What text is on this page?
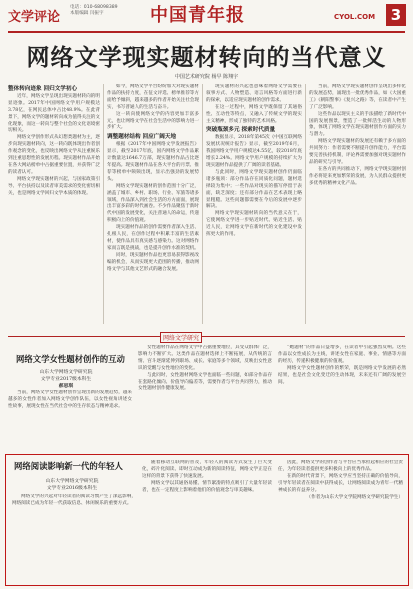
文学评论
电话：010-68098389
本版编辑 闫振宇	中国青年报	CYOL.COM	3
网络文学现实题材转向的当代意义
中国艺术研究院 杨早 陈翔宇

整体转向迹象 回归文学初心

近年，网络文学呈现出现实题材转向的明显迹象。2017年中国网络文学用户规模达3.78亿，在网民总体中占比48.9%。在此背景下，网络文学的题材转向成为值得关注的文化现象，而这一转向与整个社会的文化语境密切相关。

网络文学创作形式从幻想类题材为主，逐步向现实题材转向，这一转向既体现出作者创作观念的变化，也反映出网络文学从注重娱乐到注重思想性的发展历程。现实题材作品开始在各大网站榜单中占据重要位置，并获得广泛的读者认可。

网络文学现实题材的兴起，与国家政策引导、平台扶持以及读者审美需求的变化密切相关，也是网络文学回归文学本质的体现。

如今，网络文学平台纷纷加大对现实题材作品的扶持力度，在征文评选、榜单推荐等方面给予倾斜，越来越多的作者开始关注社会现实，书写普通人的生活与奋斗。

这一转向使网络文学的内容更加丰富多元，也让网络文学在社会生活中的影响力进一步扩大。

调整题材结构 回应广阔天地

根据《2017年中国网络文学发展报告》显示，截至2017年底，国内网络文学作品累计数量达1646.7万部，现实题材作品占比逐年提高。现实题材作品在各大平台的月票、推荐等榜单中频频出现，显示出强劲的发展势头。

网络文学现实题材的创作范围十分广泛，涵盖了城市、乡村、职场、行业、军旅等诸多领域，作品深入到社会生活的方方面面，展现出丰富多彩的时代画卷。不少作品聚焦于新时代中国的发展变化，关注普通人的命运，传递积极向上的价值观。

现实题材作品的创作需要作者深入生活、扎根人民，在创作过程中积累丰富的生活素材，使作品具有真实感与感染力。这对网络作家而言既是挑战，也是提升创作水准的契机。

同时，现实题材作品也更容易获得影视改编的机会，从而实现更大范围的传播，推动网络文学与其他文艺形式的融合发展。

现实题材的兴起也意味着网络文学需要在叙事方式、人物塑造、语言风格等方面进行新的探索，以适应现实题材的创作需求。

在这一过程中，网络文学既保留了其通俗性、互动性等特点，又融入了传统文学的现实主义精神，形成了独特的艺术风格。

突破瓶颈多元 探索时代质量

数据显示，2018年第45次《中国互联网络发展状况统计报告》显示，截至2019年6月，我国网络文学用户规模达4.55亿，较2018年底增长2.24%。网络文学用户规模的持续扩大为现实题材作品提供了广阔的读者基础。

与此同时，网络文学现实题材创作仍面临诸多瓶颈：部分作品存在同质化问题，题材选择较为集中；一些作品对现实的描写停留于表面，缺乏深度；还有部分作品在艺术表现上略显粗糙。这些问题都需要在今后的发展中逐步解决。

网络文学现实题材转向的当代意义在于，它使网络文学进一步贴近时代、贴近生活、贴近人民，让网络文学在新时代的文化建设中发挥更大的作用。

当前，网络文学现实题材创作呈现出多样化的发展态势，涌现出一批优秀作品，如《大国重工》《朝阳警事》《复兴之路》等，在读者中产生了广泛影响。

这些作品以现实主义的手法描绘了新时代中国的发展图景，塑造了一批鲜活生动的人物形象，体现了网络文学在现实题材创作方面的实力与潜力。

网络文学现实题材的发展还有赖于多方面的共同努力：作者需要不断提升创作能力，平台需要完善扶持机制，评论界需要加强对现实题材作品的研究与引导。

在各方的共同推动下，网络文学现实题材创作必将迎来更加繁荣的发展，为人民群众提供更多优秀的精神文化产品。

网络文学研究
网络文学女性题材创作的互动
山东大学网络文学研究院
文学专业2017级本科生
郝思琪

当前，网络文学女性题材创作呈现出新的发展趋势，越来越多的女性作者加入网络文学创作队伍，以女性视角讲述女性故事，展现女性在当代社会中的生存状态与精神追求。

女性题材作品在网络文学中占据重要地位，其受众群体广泛，影响力不断扩大。这类作品在题材选择上不断拓展，从传统的言情、宫斗逐渐延伸到职场、成长、家庭等多个领域，反映出女性意识的觉醒与女性地位的变化。

与此同时，女性题材网络文学也面临一些问题，如部分作品存在套路化倾向、价值导向偏差等，需要作者与平台共同努力，推动女性题材创作健康发展。

“她题材”的作品日益增多，在读者中引起强烈反响。这些作品以女性成长为主线，讲述女性在家庭、事业、情感等方面的经历，传递积极健康的价值观。

网络文学女性题材创作的繁荣，既是网络文学发展的必然结果，也是社会文化变迁的生动体现，未来还有广阔的发展空间。

网络阅读影响新一代的年轻人
山东大学网络文学研究院
文学专业2016级本科生

网络文学的兴起对年轻读者的阅读习惯产生了深远影响，网络阅读已成为年轻一代获取信息、休闲娱乐的重要方式。

随着移动互联网的普及，年轻人的阅读方式发生了巨大变化，碎片化阅读、即时互动成为新的阅读特征，网络文学正是在这样的背景下获得了快速发展。

网络文学以其通俗易懂、情节紧凑的特点吸引了大量年轻读者，也在一定程度上影响着他们的价值观念与审美趣味。

因此，网络文学的创作者与平台应当承担起相应的社会责任，为年轻读者提供更多积极向上的优秀作品。

在新的时代背景下，网络文学应当坚持正确的价值导向，引导年轻读者在阅读中获得成长，让网络阅读成为青年一代精神成长的有益养分。

（作者为山东大学文学院网络文学研究院学生）
